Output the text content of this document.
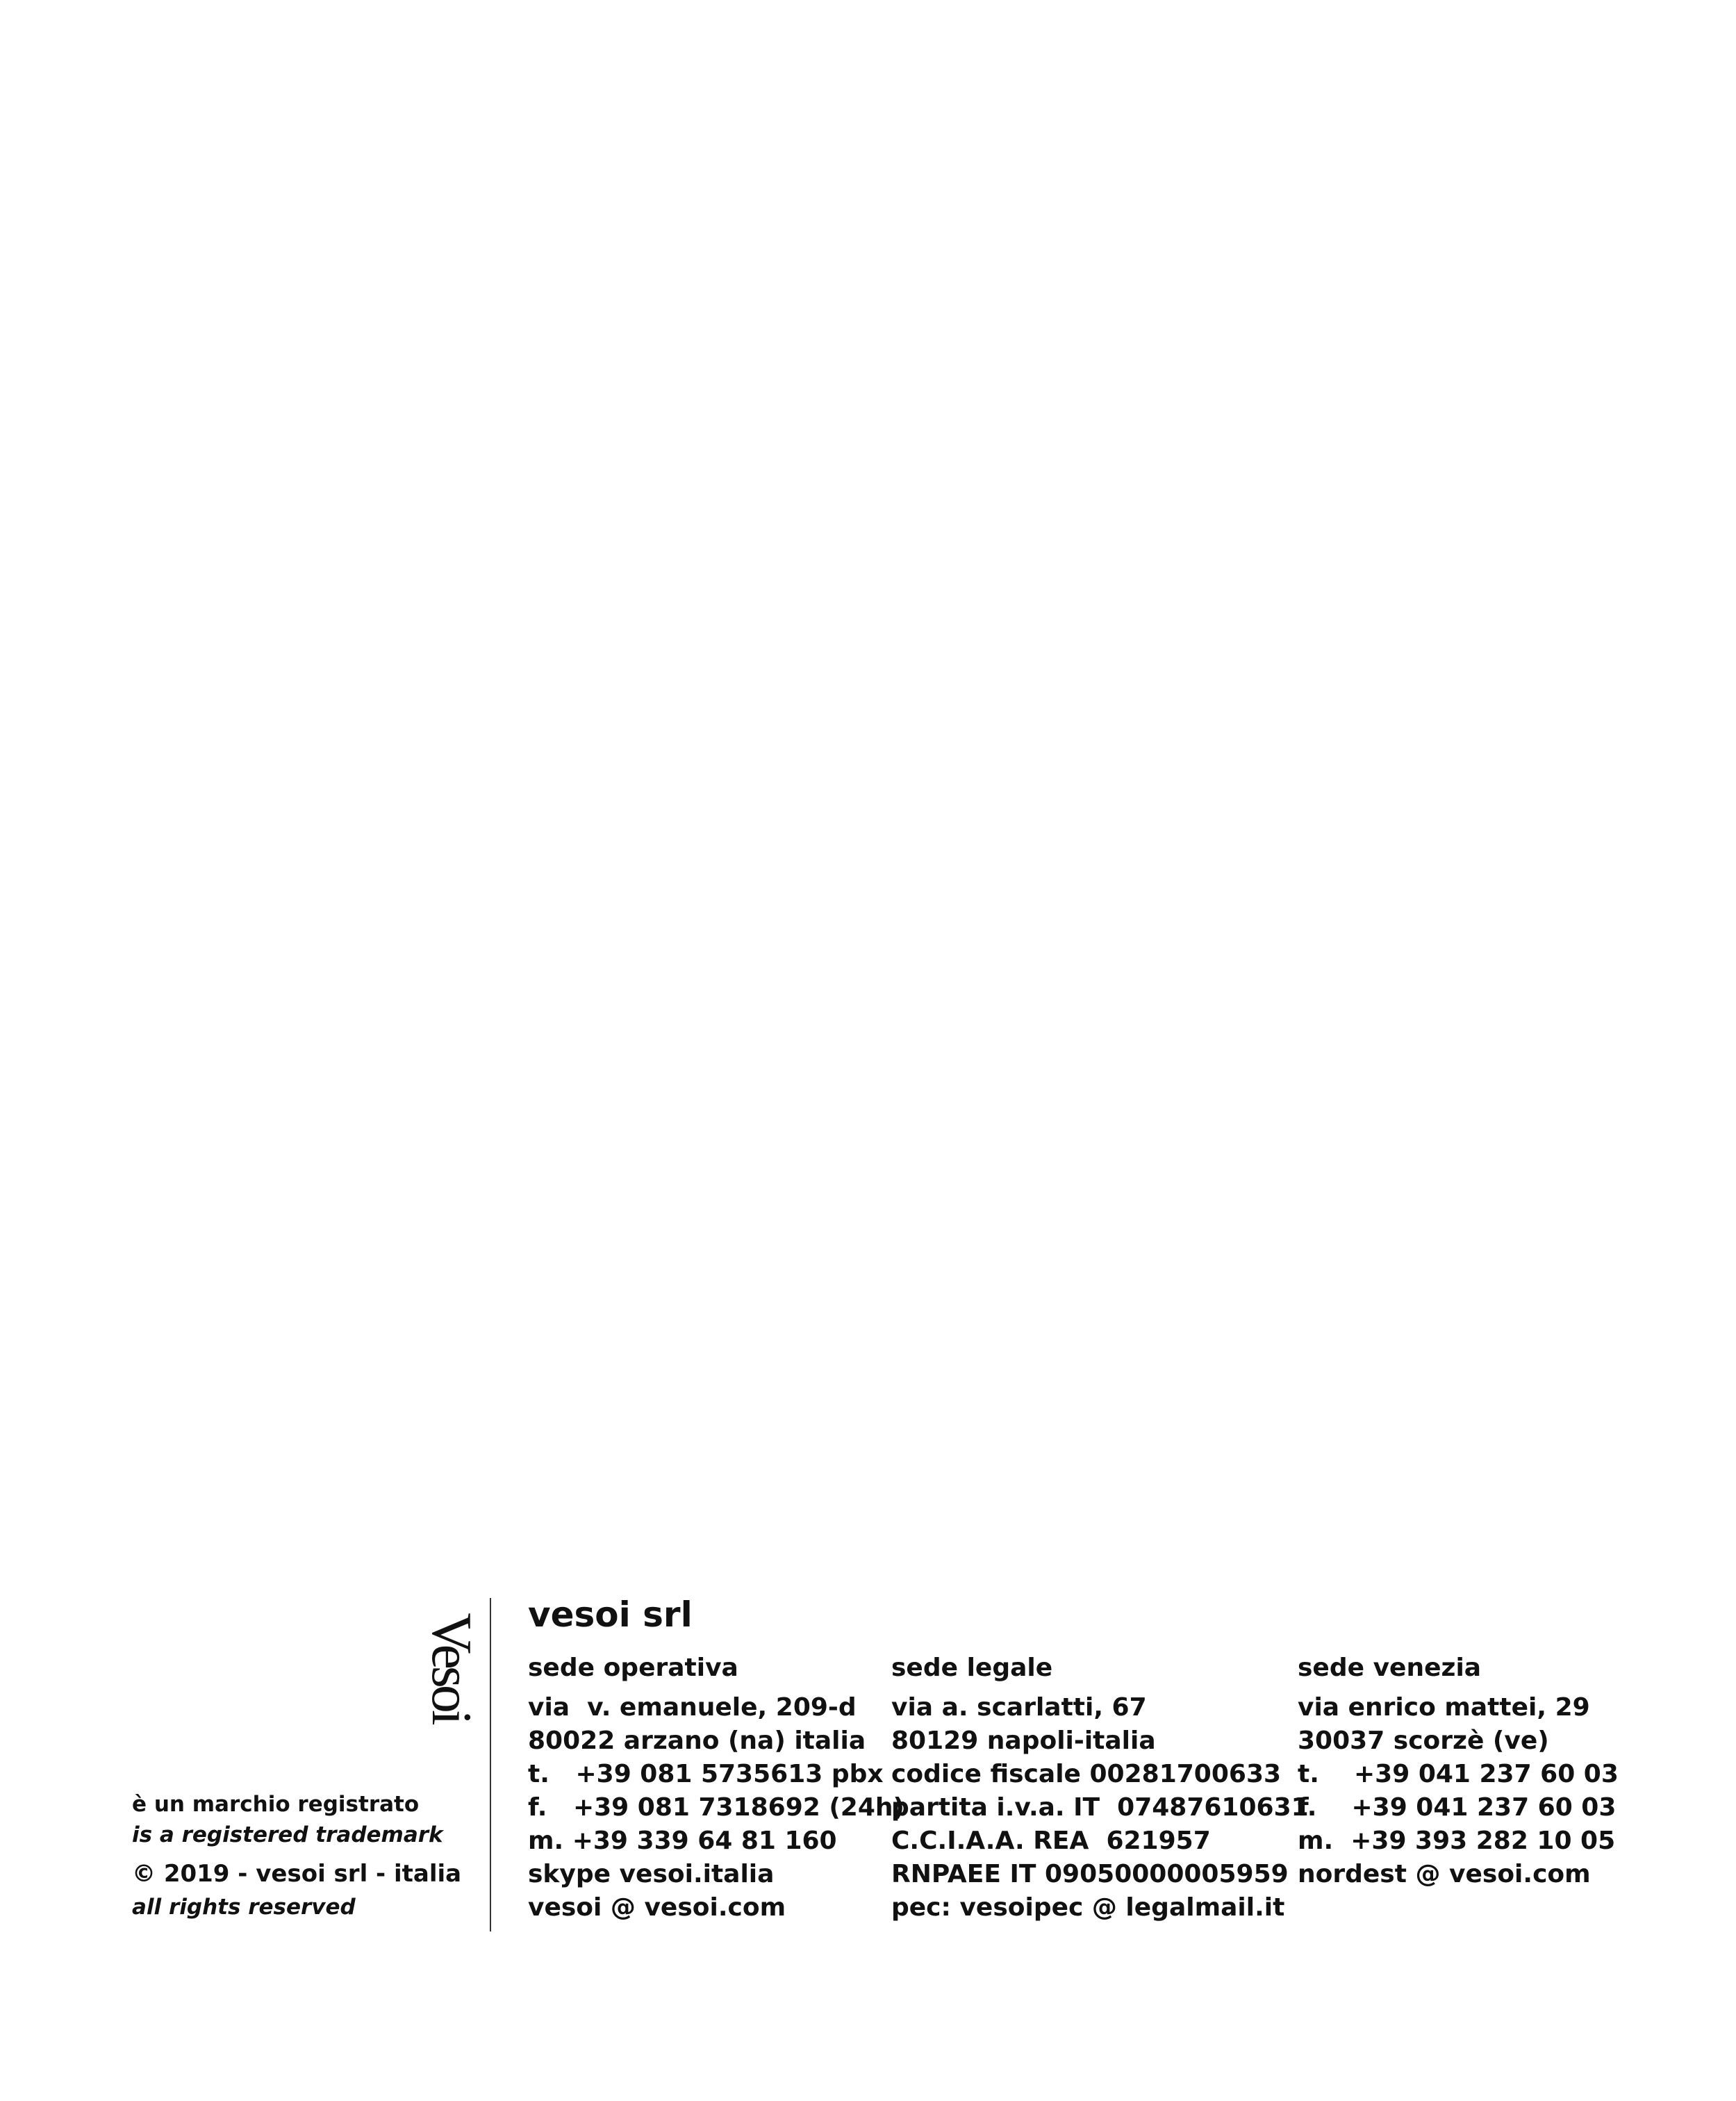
è un marchio registrato
is a registered trademark
© 2019 - vesoi srl - italia
all rights reserved
Vesoi vesoi srl
sede operativa
via  v. emanuele, 209-d
80022 arzano (na) italia
t.   +39 081 5735613 pbx
f.   +39 081 7318692 (24h)
m. +39 339 64 81 160
skype vesoi.italia
vesoi @ vesoi.com
sede legale
via a. scarlatti, 67
80129 napoli-italia
codice fiscale 00281700633
partita i.v.a. IT  07487610631
C.C.I.A.A. REA  621957
RNPAEE IT 09050000005959
pec: vesoipec @ legalmail.it
sede venezia
via enrico mattei, 29
30037 scorzè (ve)
t.    +39 041 237 60 03
f.    +39 041 237 60 03
m.  +39 393 282 10 05
nordest @ vesoi.com
